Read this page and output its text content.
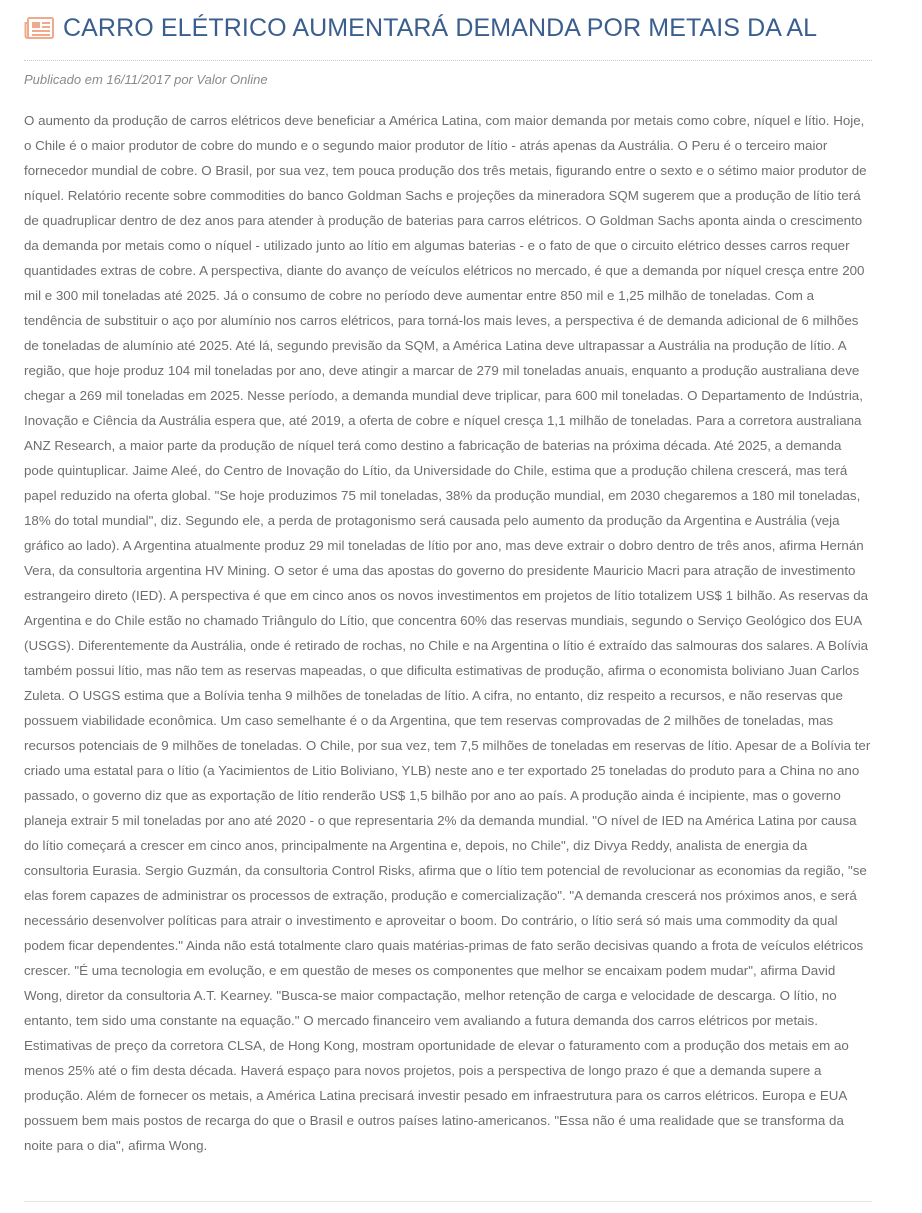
CARRO ELÉTRICO AUMENTARÁ DEMANDA POR METAIS DA AL
Publicado em 16/11/2017 por Valor Online

O aumento da produção de carros elétricos deve beneficiar a América Latina, com maior demanda por metais como cobre, níquel e lítio. Hoje, o Chile é o maior produtor de cobre do mundo e o segundo maior produtor de lítio - atrás apenas da Austrália. O Peru é o terceiro maior fornecedor mundial de cobre. O Brasil, por sua vez, tem pouca produção dos três metais, figurando entre o sexto e o sétimo maior produtor de níquel. Relatório recente sobre commodities do banco Goldman Sachs e projeções da mineradora SQM sugerem que a produção de lítio terá de quadruplicar dentro de dez anos para atender à produção de baterias para carros elétricos. O Goldman Sachs aponta ainda o crescimento da demanda por metais como o níquel - utilizado junto ao lítio em algumas baterias - e o fato de que o circuito elétrico desses carros requer quantidades extras de cobre. A perspectiva, diante do avanço de veículos elétricos no mercado, é que a demanda por níquel cresça entre 200 mil e 300 mil toneladas até 2025. Já o consumo de cobre no período deve aumentar entre 850 mil e 1,25 milhão de toneladas. Com a tendência de substituir o aço por alumínio nos carros elétricos, para torná-los mais leves, a perspectiva é de demanda adicional de 6 milhões de toneladas de alumínio até 2025. Até lá, segundo previsão da SQM, a América Latina deve ultrapassar a Austrália na produção de lítio. A região, que hoje produz 104 mil toneladas por ano, deve atingir a marcar de 279 mil toneladas anuais, enquanto a produção australiana deve chegar a 269 mil toneladas em 2025. Nesse período, a demanda mundial deve triplicar, para 600 mil toneladas. O Departamento de Indústria, Inovação e Ciência da Austrália espera que, até 2019, a oferta de cobre e níquel cresça 1,1 milhão de toneladas. Para a corretora australiana ANZ Research, a maior parte da produção de níquel terá como destino a fabricação de baterias na próxima década. Até 2025, a demanda pode quintuplicar. Jaime Aleé, do Centro de Inovação do Lítio, da Universidade do Chile, estima que a produção chilena crescerá, mas terá papel reduzido na oferta global. "Se hoje produzimos 75 mil toneladas, 38% da produção mundial, em 2030 chegaremos a 180 mil toneladas, 18% do total mundial", diz. Segundo ele, a perda de protagonismo será causada pelo aumento da produção da Argentina e Austrália (veja gráfico ao lado). A Argentina atualmente produz 29 mil toneladas de lítio por ano, mas deve extrair o dobro dentro de três anos, afirma Hernán Vera, da consultoria argentina HV Mining. O setor é uma das apostas do governo do presidente Mauricio Macri para atração de investimento estrangeiro direto (IED). A perspectiva é que em cinco anos os novos investimentos em projetos de lítio totalizem US$ 1 bilhão. As reservas da Argentina e do Chile estão no chamado Triângulo do Lítio, que concentra 60% das reservas mundiais, segundo o Serviço Geológico dos EUA (USGS). Diferentemente da Austrália, onde é retirado de rochas, no Chile e na Argentina o lítio é extraído das salmouras dos salares. A Bolívia também possui lítio, mas não tem as reservas mapeadas, o que dificulta estimativas de produção, afirma o economista boliviano Juan Carlos Zuleta. O USGS estima que a Bolívia tenha 9 milhões de toneladas de lítio. A cifra, no entanto, diz respeito a recursos, e não reservas que possuem viabilidade econômica. Um caso semelhante é o da Argentina, que tem reservas comprovadas de 2 milhões de toneladas, mas recursos potenciais de 9 milhões de toneladas. O Chile, por sua vez, tem 7,5 milhões de toneladas em reservas de lítio. Apesar de a Bolívia ter criado uma estatal para o lítio (a Yacimientos de Litio Boliviano, YLB) neste ano e ter exportado 25 toneladas do produto para a China no ano passado, o governo diz que as exportação de lítio renderão US$ 1,5 bilhão por ano ao país. A produção ainda é incipiente, mas o governo planeja extrair 5 mil toneladas por ano até 2020 - o que representaria 2% da demanda mundial. "O nível de IED na América Latina por causa do lítio começará a crescer em cinco anos, principalmente na Argentina e, depois, no Chile", diz Divya Reddy, analista de energia da consultoria Eurasia. Sergio Guzmán, da consultoria Control Risks, afirma que o lítio tem potencial de revolucionar as economias da região, "se elas forem capazes de administrar os processos de extração, produção e comercialização". "A demanda crescerá nos próximos anos, e será necessário desenvolver políticas para atrair o investimento e aproveitar o boom. Do contrário, o lítio será só mais uma commodity da qual podem ficar dependentes." Ainda não está totalmente claro quais matérias-primas de fato serão decisivas quando a frota de veículos elétricos crescer. "É uma tecnologia em evolução, e em questão de meses os componentes que melhor se encaixam podem mudar", afirma David Wong, diretor da consultoria A.T. Kearney. "Busca-se maior compactação, melhor retenção de carga e velocidade de descarga. O lítio, no entanto, tem sido uma constante na equação." O mercado financeiro vem avaliando a futura demanda dos carros elétricos por metais. Estimativas de preço da corretora CLSA, de Hong Kong, mostram oportunidade de elevar o faturamento com a produção dos metais em ao menos 25% até o fim desta década. Haverá espaço para novos projetos, pois a perspectiva de longo prazo é que a demanda supere a produção. Além de fornecer os metais, a América Latina precisará investir pesado em infraestrutura para os carros elétricos. Europa e EUA possuem bem mais postos de recarga do que o Brasil e outros países latino-americanos. "Essa não é uma realidade que se transforma da noite para o dia", afirma Wong.
